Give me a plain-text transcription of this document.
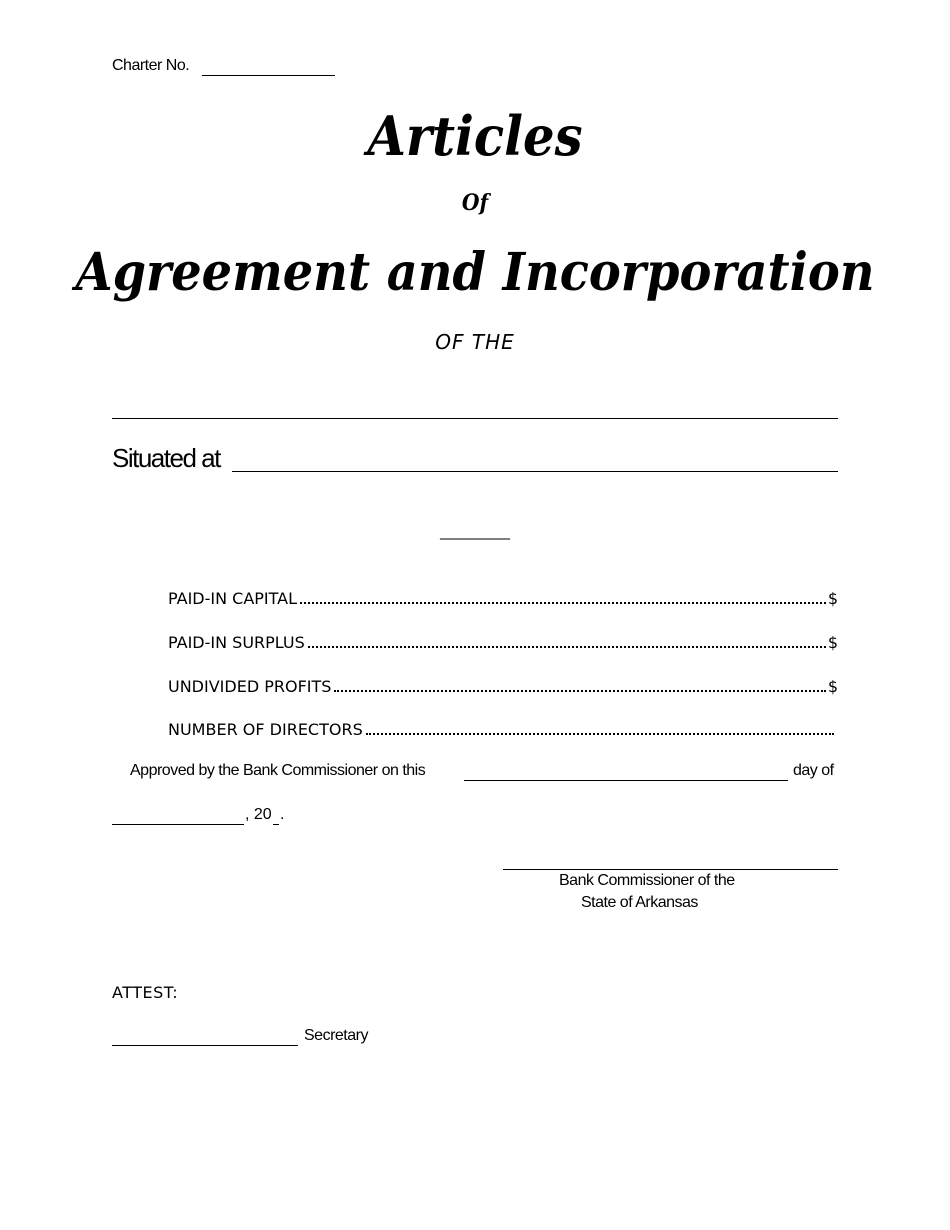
Charter No.
Articles
Of
Agreement and Incorporation
OF THE
Situated at
__________
PAID-IN CAPITAL	$
PAID-IN SURPLUS	$
UNDIVIDED PROFITS	$
NUMBER OF DIRECTORS
Approved by the Bank Commissioner on this	day of
, 20 .
Bank Commissioner of the
State of Arkansas
ATTEST:
Secretary
